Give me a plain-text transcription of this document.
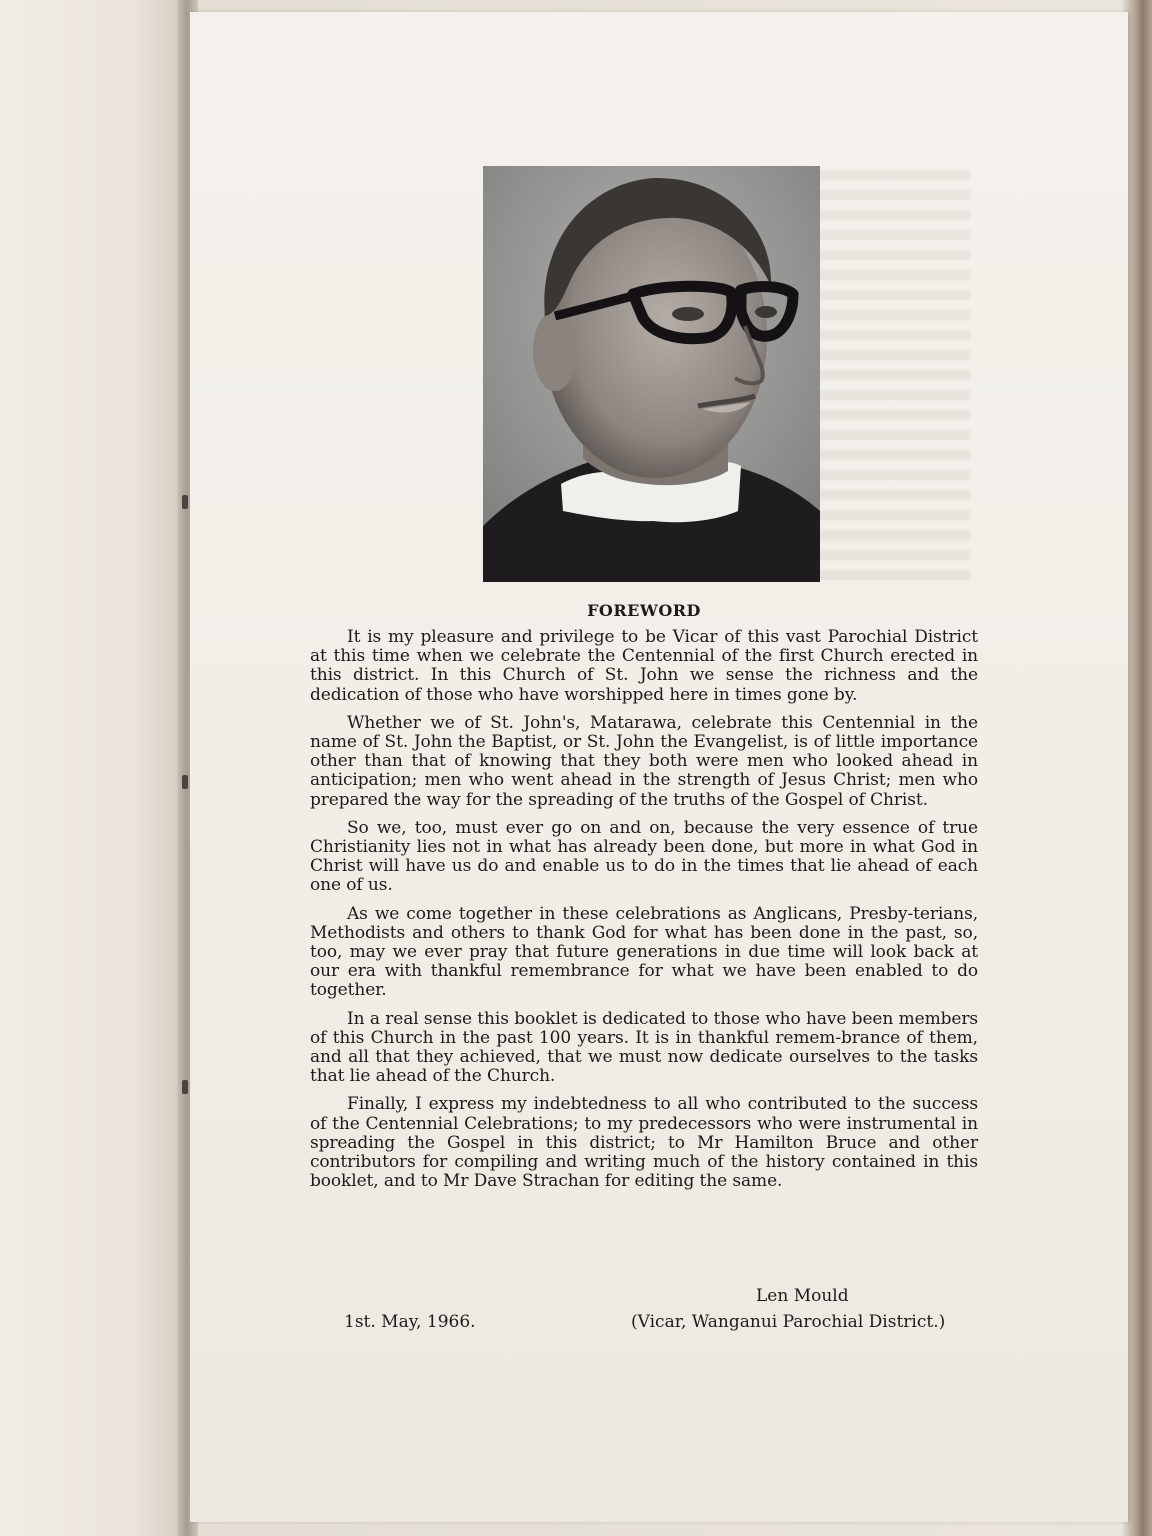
FOREWORD

It is my pleasure and privilege to be Vicar of this vast Parochial District at this time when we celebrate the Centennial of the first Church erected in this district. In this Church of St. John we sense the richness and the dedication of those who have worshipped here in times gone by.

Whether we of St. John's, Matarawa, celebrate this Centennial in the name of St. John the Baptist, or St. John the Evangelist, is of little importance other than that of knowing that they both were men who looked ahead in anticipation; men who went ahead in the strength of Jesus Christ; men who prepared the way for the spreading of the truths of the Gospel of Christ.

So we, too, must ever go on and on, because the very essence of true Christianity lies not in what has already been done, but more in what God in Christ will have us do and enable us to do in the times that lie ahead of each one of us.

As we come together in these celebrations as Anglicans, Presby-terians, Methodists and others to thank God for what has been done in the past, so, too, may we ever pray that future generations in due time will look back at our era with thankful remembrance for what we have been enabled to do together.

In a real sense this booklet is dedicated to those who have been members of this Church in the past 100 years. It is in thankful remem-brance of them, and all that they achieved, that we must now dedicate ourselves to the tasks that lie ahead of the Church.

Finally, I express my indebtedness to all who contributed to the success of the Centennial Celebrations; to my predecessors who were instrumental in spreading the Gospel in this district; to Mr Hamilton Bruce and other contributors for compiling and writing much of the history contained in this booklet, and to Mr Dave Strachan for editing the same.

Len Mould
1st. May, 1966.	(Vicar, Wanganui Parochial District.)
